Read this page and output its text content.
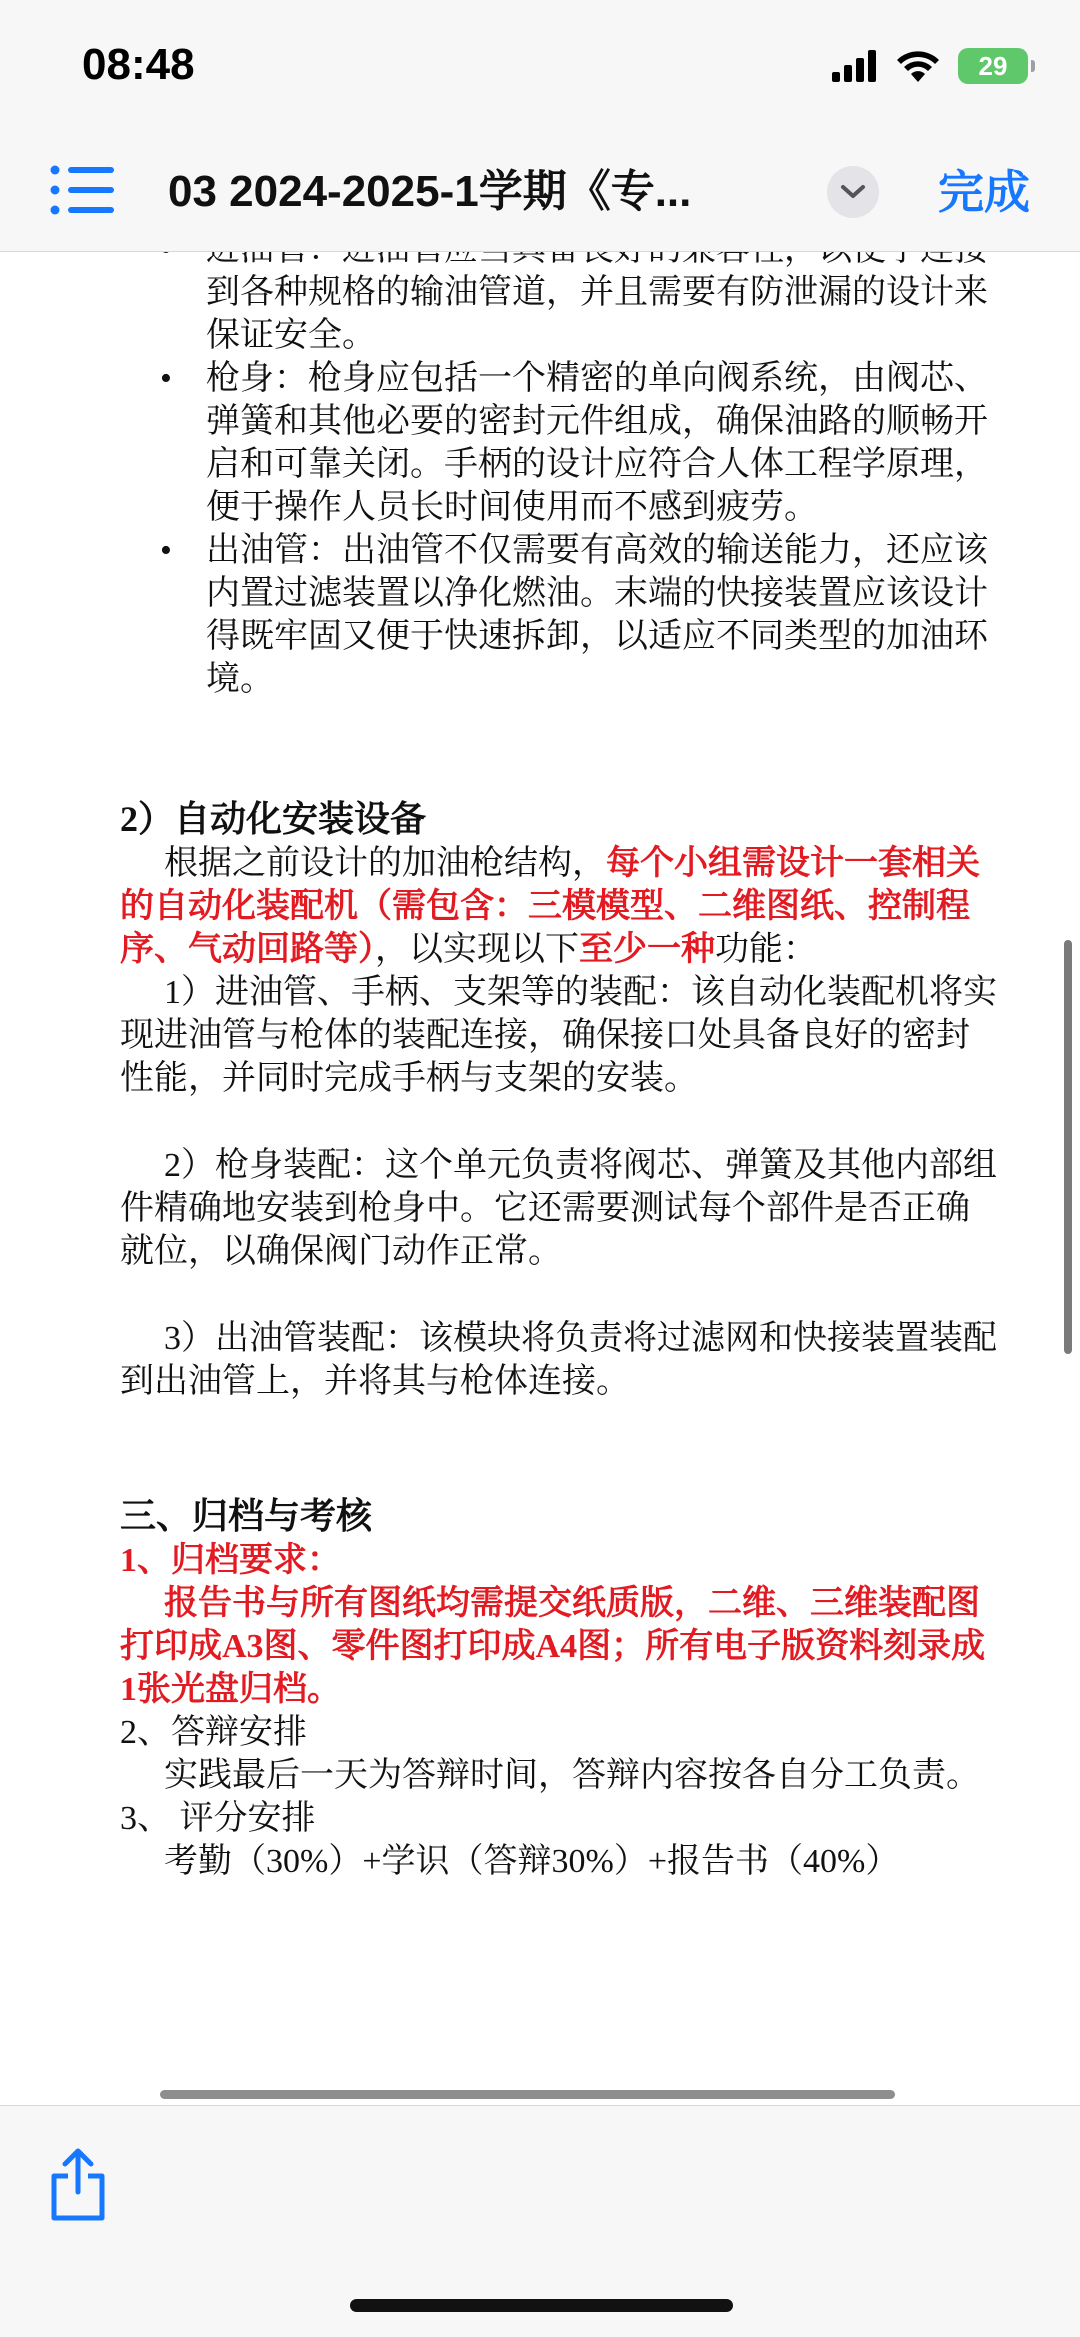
08:48	29
03 2024-2025-1学期《专...	完成
• 到各种规格的输油管道，并且需要有防泄漏的设计来保证安全。
• 枪身：枪身应包括一个精密的单向阀系统，由阀芯、弹簧和其他必要的密封元件组成，确保油路的顺畅开启和可靠关闭。手柄的设计应符合人体工程学原理，便于操作人员长时间使用而不感到疲劳。
• 出油管：出油管不仅需要有高效的输送能力，还应该内置过滤装置以净化燃油。末端的快接装置应该设计得既牢固又便于快速拆卸，以适应不同类型的加油环境。
2）自动化安装设备
根据之前设计的加油枪结构，每个小组需设计一套相关的自动化装配机（需包含：三模模型、二维图纸、控制程序、气动回路等），以实现以下至少一种功能：
1）进油管、手柄、支架等的装配：该自动化装配机将实现进油管与枪体的装配连接，确保接口处具备良好的密封性能，并同时完成手柄与支架的安装。
2）枪身装配：这个单元负责将阀芯、弹簧及其他内部组件精确地安装到枪身中。它还需要测试每个部件是否正确就位，以确保阀门动作正常。
3）出油管装配：该模块将负责将过滤网和快接装置装配到出油管上，并将其与枪体连接。
三、归档与考核
1、归档要求：
报告书与所有图纸均需提交纸质版，二维、三维装配图打印成A3图、零件图打印成A4图；所有电子版资料刻录成1张光盘归档。
2、答辩安排
实践最后一天为答辩时间，答辩内容按各自分工负责。
3、 评分安排
考勤（30%）+学识（答辩30%）+报告书（40%）
